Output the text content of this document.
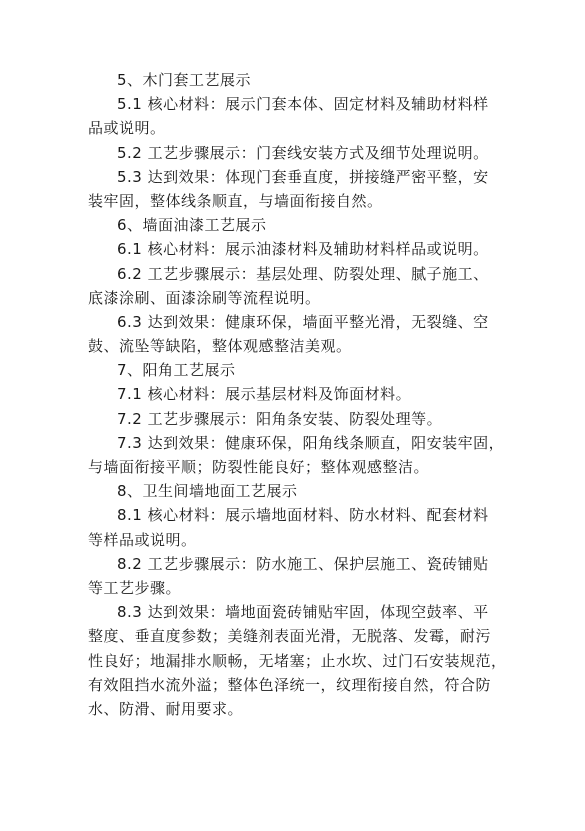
5、木门套工艺展示
5.1 核心材料：展示门套本体、固定材料及辅助材料样
品或说明。
5.2 工艺步骤展示：门套线安装方式及细节处理说明。
5.3 达到效果：体现门套垂直度，拼接缝严密平整，安
装牢固，整体线条顺直，与墙面衔接自然。
6、墙面油漆工艺展示
6.1 核心材料：展示油漆材料及辅助材料样品或说明。
6.2 工艺步骤展示：基层处理、防裂处理、腻子施工、
底漆涂刷、面漆涂刷等流程说明。
6.3 达到效果：健康环保，墙面平整光滑，无裂缝、空
鼓、流坠等缺陷，整体观感整洁美观。
7、阳角工艺展示
7.1 核心材料：展示基层材料及饰面材料。
7.2 工艺步骤展示：阳角条安装、防裂处理等。
7.3 达到效果：健康环保，阳角线条顺直，阳安装牢固，
与墙面衔接平顺；防裂性能良好；整体观感整洁。
8、卫生间墙地面工艺展示
8.1 核心材料：展示墙地面材料、防水材料、配套材料
等样品或说明。
8.2 工艺步骤展示：防水施工、保护层施工、瓷砖铺贴
等工艺步骤。
8.3 达到效果：墙地面瓷砖铺贴牢固，体现空鼓率、平
整度、垂直度参数；美缝剂表面光滑，无脱落、发霉，耐污
性良好；地漏排水顺畅，无堵塞；止水坎、过门石安装规范，
有效阻挡水流外溢；整体色泽统一，纹理衔接自然，符合防
水、防滑、耐用要求。
